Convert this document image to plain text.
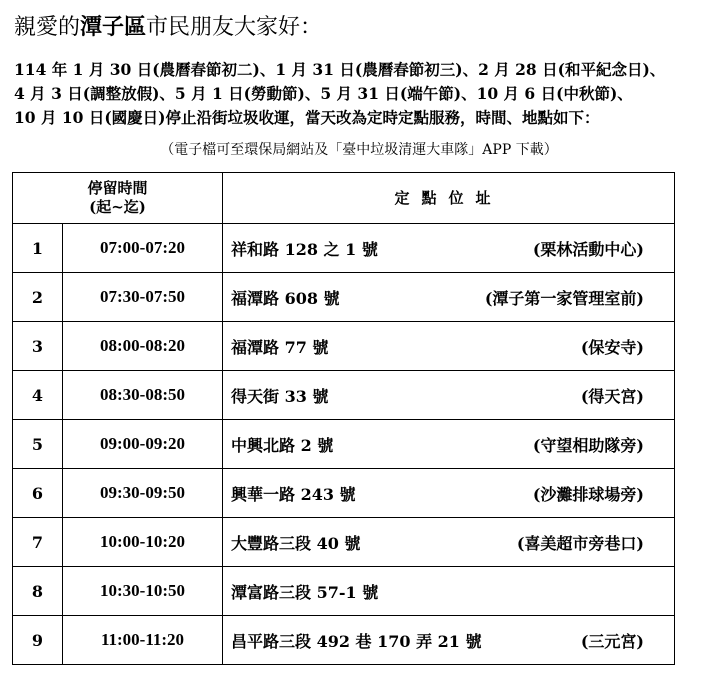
親愛的潭子區市民朋友大家好：
114 年 1 月 30 日(農曆春節初二)、1 月 31 日(農曆春節初三)、2 月 28 日(和平紀念日)、
4 月 3 日(調整放假)、5 月 1 日(勞動節)、5 月 31 日(端午節)、10 月 6 日(中秋節)、
10 月 10 日(國慶日)停止沿街垃圾收運，當天改為定時定點服務，時間、地點如下：
（電子檔可至環保局網站及「臺中垃圾清運大車隊」APP 下載）
停留時間
(起~迄)		定點位址
1	07:00-07:20	祥和路 128 之 1 號 (栗林活動中心)

2	07:30-07:50	福潭路 608 號 (潭子第一家管理室前)

3	08:00-08:20	福潭路 77 號 (保安寺)

4	08:30-08:50	得天街 33 號 (得天宮)

5	09:00-09:20	中興北路 2 號 (守望相助隊旁)

6	09:30-09:50	興華一路 243 號 (沙灘排球場旁)

7	10:00-10:20	大豐路三段 40 號 (喜美超市旁巷口)

8	10:30-10:50	潭富路三段 57-1 號

9	11:00-11:20	昌平路三段 492 巷 170 弄 21 號 (三元宮)
